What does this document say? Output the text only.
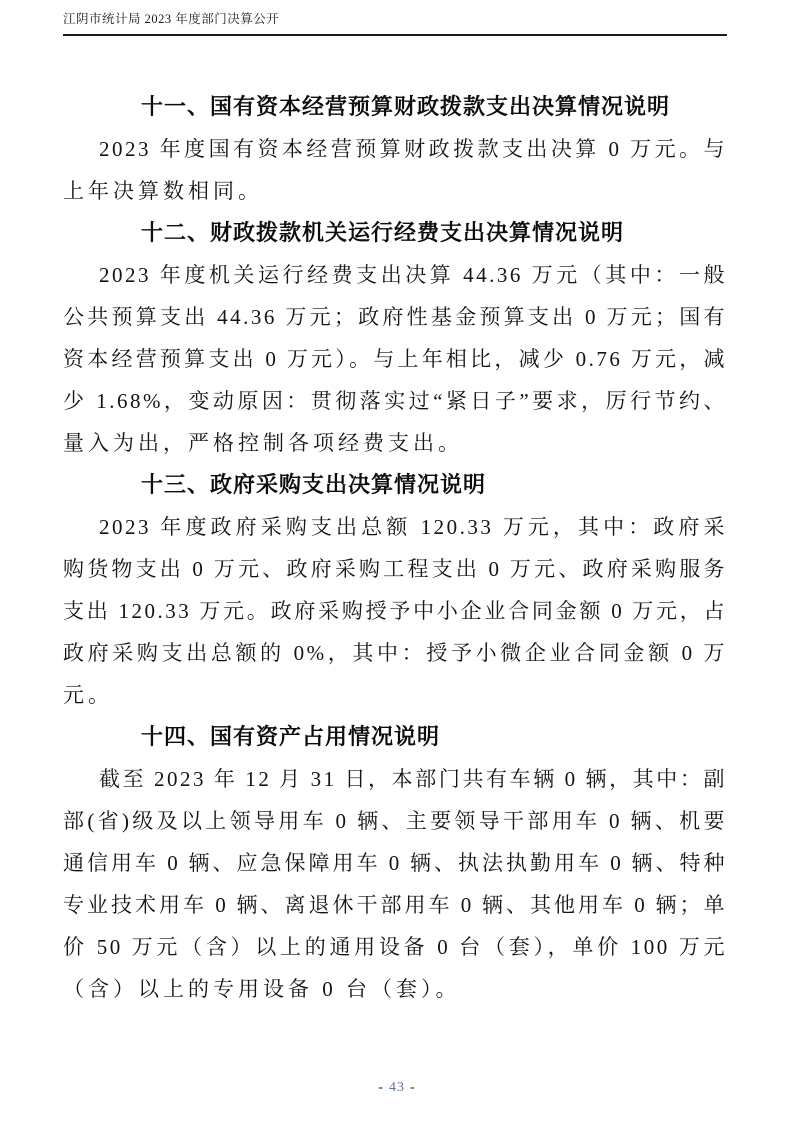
江阴市统计局 2023 年度部门决算公开
十一、国有资本经营预算财政拨款支出决算情况说明
2023 年度国有资本经营预算财政拨款支出决算 0 万元。与
上年决算数相同。
十二、财政拨款机关运行经费支出决算情况说明
2023 年度机关运行经费支出决算 44.36 万元（其中：一般
公共预算支出 44.36 万元；政府性基金预算支出 0 万元；国有
资本经营预算支出 0 万元）。与上年相比，减少 0.76 万元，减
少 1.68%，变动原因：贯彻落实过“紧日子”要求，厉行节约、
量入为出，严格控制各项经费支出。
十三、政府采购支出决算情况说明
2023 年度政府采购支出总额 120.33 万元，其中：政府采
购货物支出 0 万元、政府采购工程支出 0 万元、政府采购服务
支出 120.33 万元。政府采购授予中小企业合同金额 0 万元，占
政府采购支出总额的 0%，其中：授予小微企业合同金额 0 万
元。
十四、国有资产占用情况说明
截至 2023 年 12 月 31 日，本部门共有车辆 0 辆，其中：副
部(省)级及以上领导用车 0 辆、主要领导干部用车 0 辆、机要
通信用车 0 辆、应急保障用车 0 辆、执法执勤用车 0 辆、特种
专业技术用车 0 辆、离退休干部用车 0 辆、其他用车 0 辆；单
价 50 万元（含）以上的通用设备 0 台（套），单价 100 万元
（含）以上的专用设备 0 台（套）。
- 43 -
